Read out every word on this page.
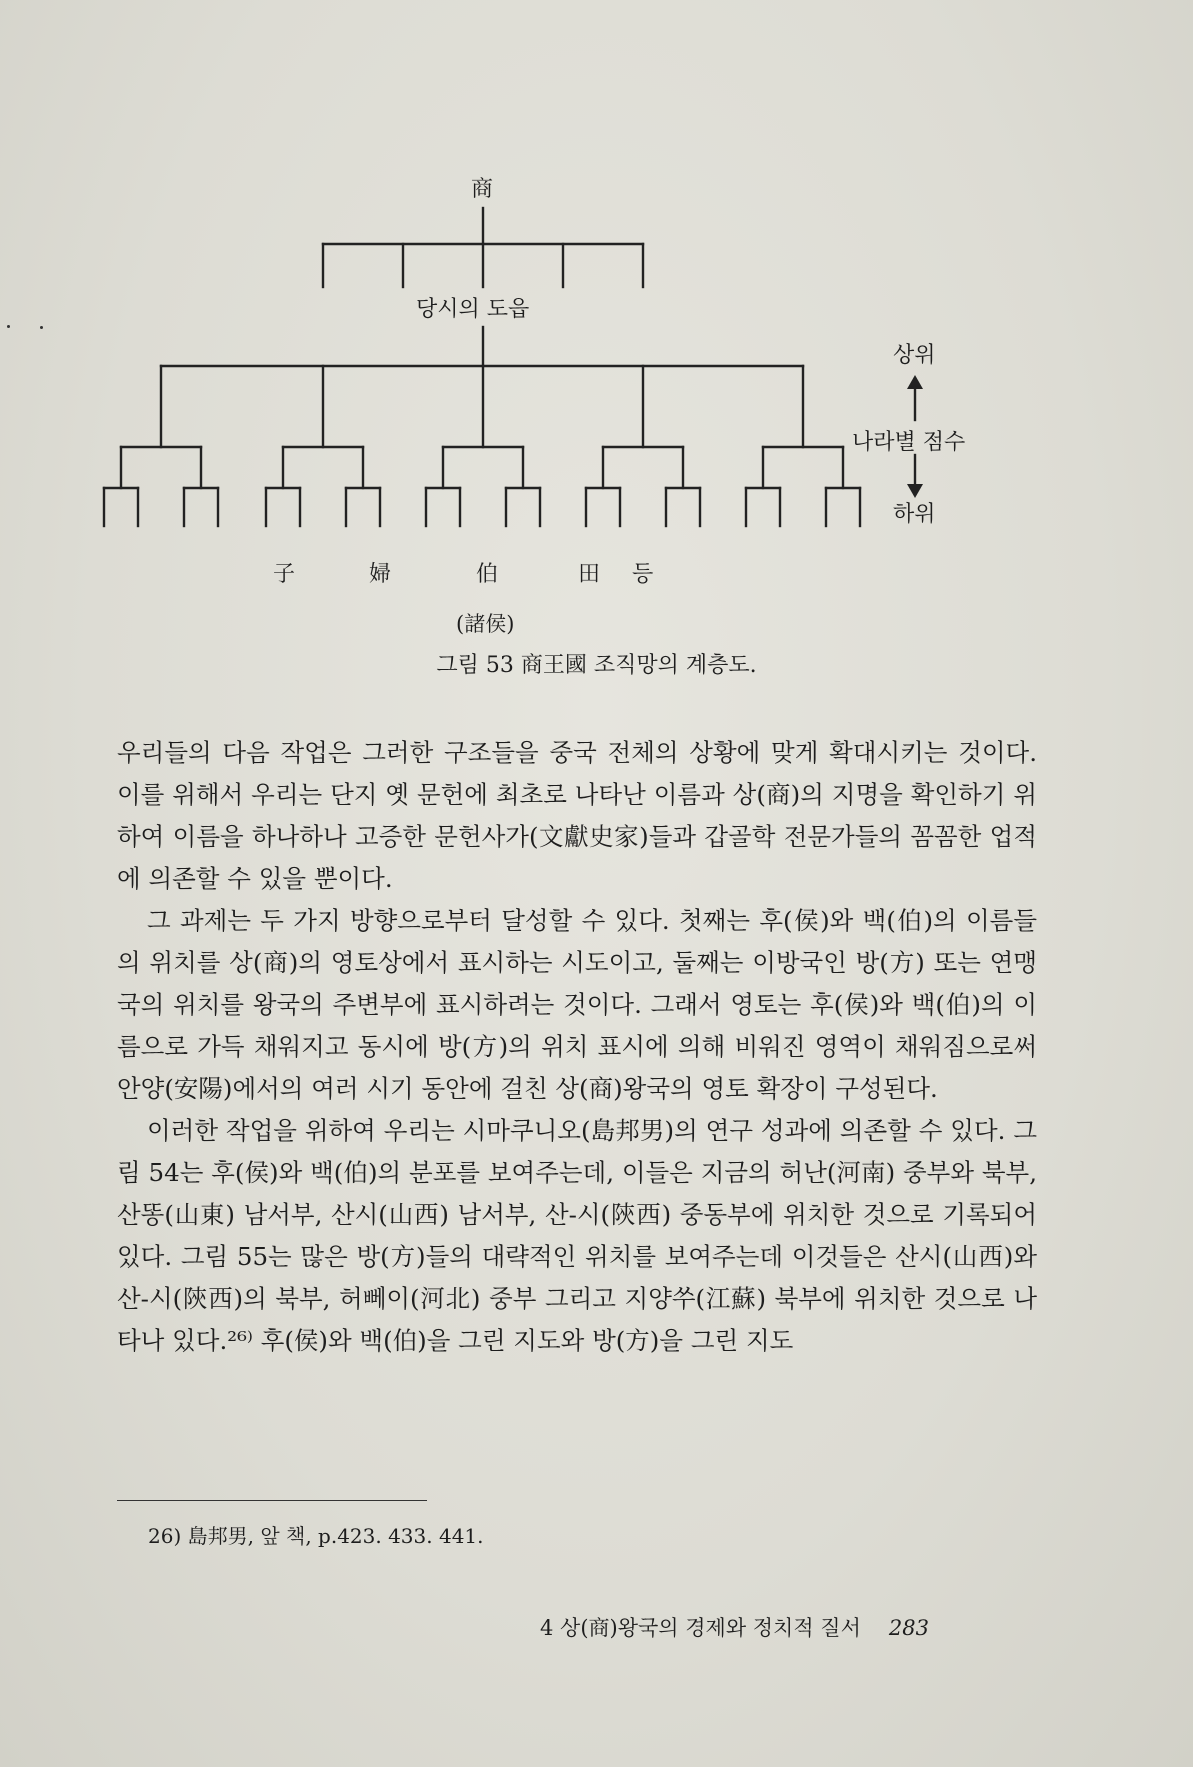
商
당시의 도읍
子	婦	伯	田 등
(諸侯)
상위
나라별 점수
하위
그림 53 商王國 조직망의 계층도.

우리들의 다음 작업은 그러한 구조들을 중국 전체의 상황에 맞게 확대시키는 것이다. 이를 위해서 우리는 단지 옛 문헌에 최초로 나타난 이름과 상(商)의 지명을 확인하기 위하여 이름을 하나하나 고증한 문헌사가(文獻史家)들과 갑골학 전문가들의 꼼꼼한 업적에 의존할 수 있을 뿐이다.

그 과제는 두 가지 방향으로부터 달성할 수 있다. 첫째는 후(侯)와 백(伯)의 이름들의 위치를 상(商)의 영토상에서 표시하는 시도이고, 둘째는 이방국인 방(方) 또는 연맹국의 위치를 왕국의 주변부에 표시하려는 것이다. 그래서 영토는 후(侯)와 백(伯)의 이름으로 가득 채워지고 동시에 방(方)의 위치 표시에 의해 비워진 영역이 채워짐으로써 안양(安陽)에서의 여러 시기 동안에 걸친 상(商)왕국의 영토 확장이 구성된다.

이러한 작업을 위하여 우리는 시마쿠니오(島邦男)의 연구 성과에 의존할 수 있다. 그림 54는 후(侯)와 백(伯)의 분포를 보여주는데, 이들은 지금의 허난(河南) 중부와 북부, 산똥(山東) 남서부, 산시(山西) 남서부, 산-시(陝西) 중동부에 위치한 것으로 기록되어 있다. 그림 55는 많은 방(方)들의 대략적인 위치를 보여주는데 이것들은 산시(山西)와 산-시(陝西)의 북부, 허뻬이(河北) 중부 그리고 지양쑤(江蘇) 북부에 위치한 것으로 나타나 있다.²⁶⁾ 후(侯)와 백(伯)을 그린 지도와 방(方)을 그린 지도

26) 島邦男, 앞 책, p.423. 433. 441.
4 상(商)왕국의 경제와 정치적 질서 283
